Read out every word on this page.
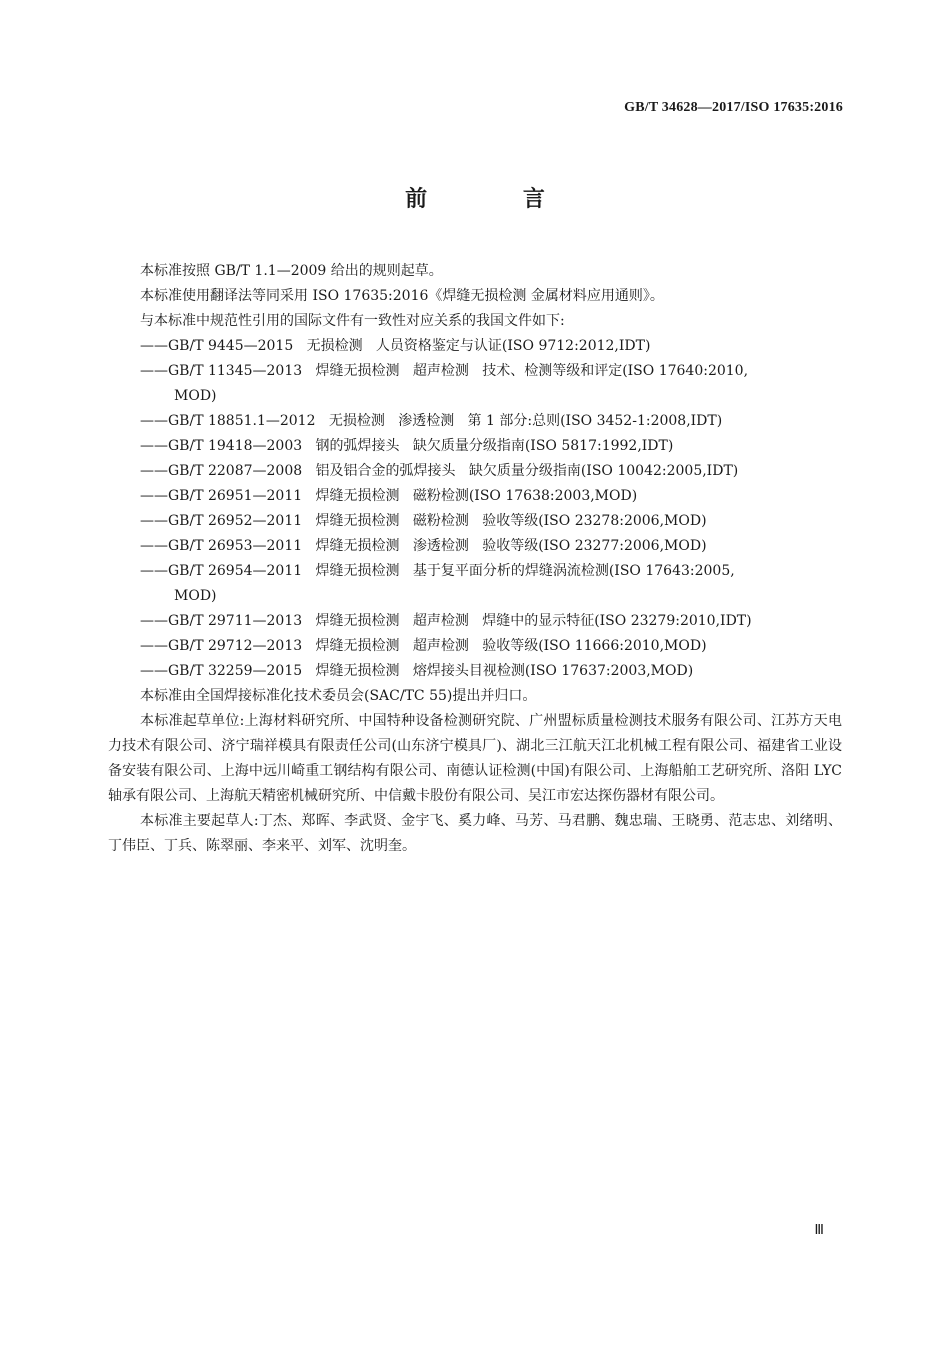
GB/T 34628—2017/ISO 17635:2016
前 言

本标准按照 GB/T 1.1—2009 给出的规则起草。

本标准使用翻译法等同采用 ISO 17635:2016《焊缝无损检测 金属材料应用通则》。

与本标准中规范性引用的国际文件有一致性对应关系的我国文件如下:

——GB/T 9445—2015   无损检测   人员资格鉴定与认证(ISO 9712:2012,IDT)

——GB/T 11345—2013   焊缝无损检测   超声检测   技术、检测等级和评定(ISO 17640:2010,

MOD)

——GB/T 18851.1—2012   无损检测   渗透检测   第 1 部分:总则(ISO 3452-1:2008,IDT)

——GB/T 19418—2003   钢的弧焊接头   缺欠质量分级指南(ISO 5817:1992,IDT)

——GB/T 22087—2008   铝及铝合金的弧焊接头   缺欠质量分级指南(ISO 10042:2005,IDT)

——GB/T 26951—2011   焊缝无损检测   磁粉检测(ISO 17638:2003,MOD)

——GB/T 26952—2011   焊缝无损检测   磁粉检测   验收等级(ISO 23278:2006,MOD)

——GB/T 26953—2011   焊缝无损检测   渗透检测   验收等级(ISO 23277:2006,MOD)

——GB/T 26954—2011   焊缝无损检测   基于复平面分析的焊缝涡流检测(ISO 17643:2005,

MOD)

——GB/T 29711—2013   焊缝无损检测   超声检测   焊缝中的显示特征(ISO 23279:2010,IDT)

——GB/T 29712—2013   焊缝无损检测   超声检测   验收等级(ISO 11666:2010,MOD)

——GB/T 32259—2015   焊缝无损检测   熔焊接头目视检测(ISO 17637:2003,MOD)

本标准由全国焊接标准化技术委员会(SAC/TC 55)提出并归口。

本标准起草单位:上海材料研究所、中国特种设备检测研究院、广州盟标质量检测技术服务有限公司、江苏方天电力技术有限公司、济宁瑞祥模具有限责任公司(山东济宁模具厂)、湖北三江航天江北机械工程有限公司、福建省工业设备安装有限公司、上海中远川崎重工钢结构有限公司、南德认证检测(中国)有限公司、上海船舶工艺研究所、洛阳 LYC 轴承有限公司、上海航天精密机械研究所、中信戴卡股份有限公司、吴江市宏达探伤器材有限公司。

本标准主要起草人:丁杰、郑晖、李武贤、金宇飞、奚力峰、马芳、马君鹏、魏忠瑞、王晓勇、范志忠、刘绪明、丁伟臣、丁兵、陈翠丽、李来平、刘军、沈明奎。

Ⅲ
